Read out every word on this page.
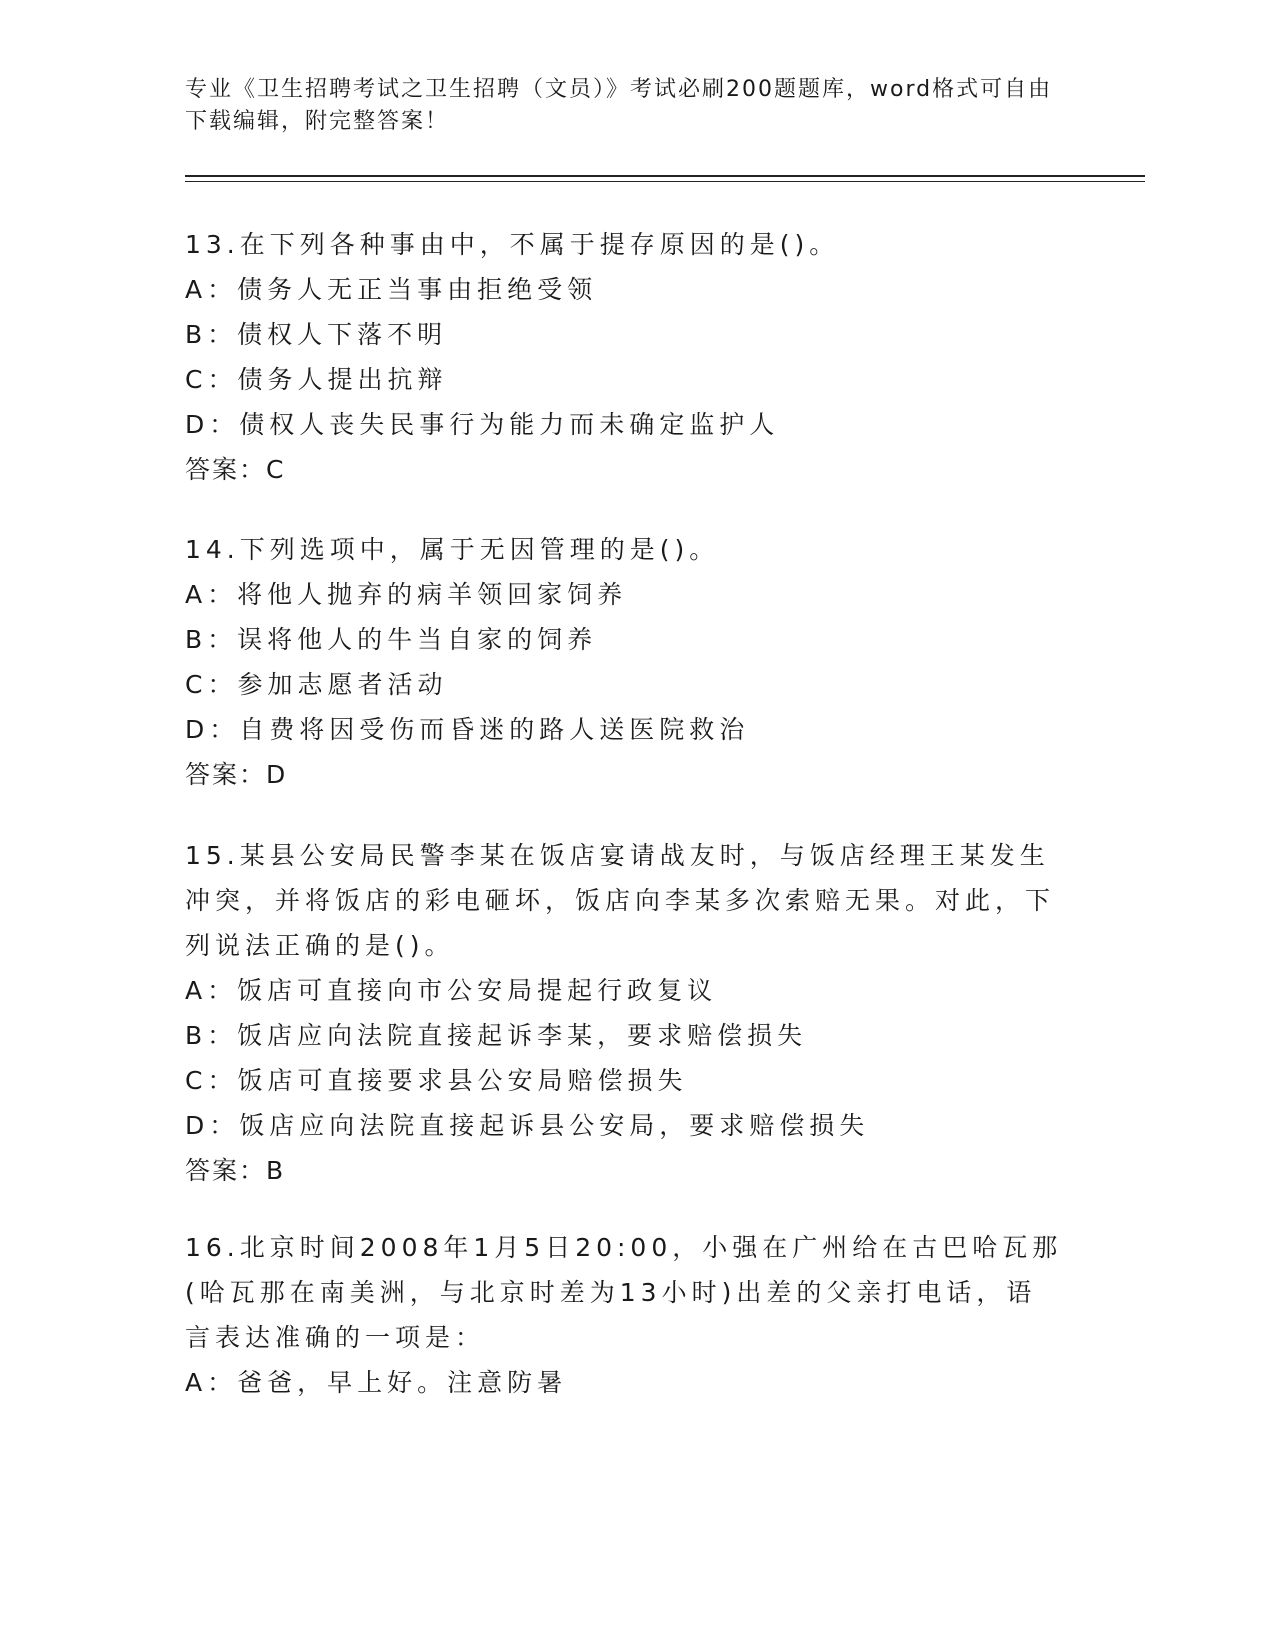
专业《卫生招聘考试之卫生招聘（文员）》考试必刷200题题库，word格式可自由下载编辑，附完整答案！
13.在下列各种事由中，不属于提存原因的是()。
A：债务人无正当事由拒绝受领
B：债权人下落不明
C：债务人提出抗辩
D：债权人丧失民事行为能力而未确定监护人
答案：C
14.下列选项中，属于无因管理的是()。
A：将他人抛弃的病羊领回家饲养
B：误将他人的牛当自家的饲养
C：参加志愿者活动
D：自费将因受伤而昏迷的路人送医院救治
答案：D
15.某县公安局民警李某在饭店宴请战友时，与饭店经理王某发生冲突，并将饭店的彩电砸坏，饭店向李某多次索赔无果。对此，下列说法正确的是()。
A：饭店可直接向市公安局提起行政复议
B：饭店应向法院直接起诉李某，要求赔偿损失
C：饭店可直接要求县公安局赔偿损失
D：饭店应向法院直接起诉县公安局，要求赔偿损失
答案：B
16.北京时间2008年1月5日20:00，小强在广州给在古巴哈瓦那(哈瓦那在南美洲，与北京时差为13小时)出差的父亲打电话，语言表达准确的一项是：
A：爸爸，早上好。注意防暑
